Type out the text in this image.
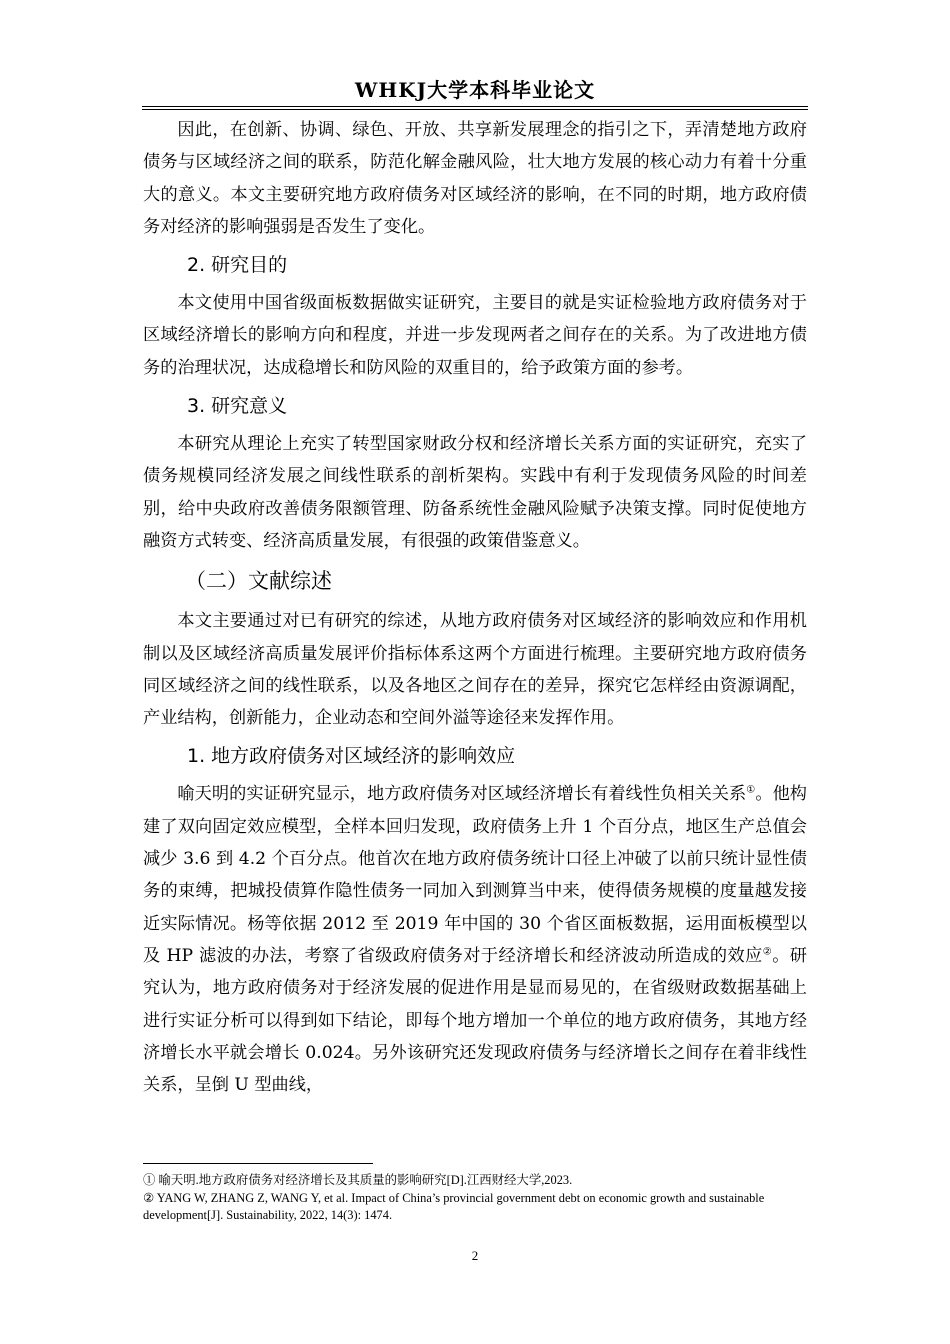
WHKJ大学本科毕业论文

因此，在创新、协调、绿色、开放、共享新发展理念的指引之下，弄清楚地方政府债务与区域经济之间的联系，防范化解金融风险，壮大地方发展的核心动力有着十分重大的意义。本文主要研究地方政府债务对区域经济的影响，在不同的时期，地方政府债务对经济的影响强弱是否发生了变化。

2. 研究目的

本文使用中国省级面板数据做实证研究，主要目的就是实证检验地方政府债务对于区域经济增长的影响方向和程度，并进一步发现两者之间存在的关系。为了改进地方债务的治理状况，达成稳增长和防风险的双重目的，给予政策方面的参考。

3. 研究意义

本研究从理论上充实了转型国家财政分权和经济增长关系方面的实证研究，充实了债务规模同经济发展之间线性联系的剖析架构。实践中有利于发现债务风险的时间差别，给中央政府改善债务限额管理、防备系统性金融风险赋予决策支撑。同时促使地方融资方式转变、经济高质量发展，有很强的政策借鉴意义。

（二）文献综述

本文主要通过对已有研究的综述，从地方政府债务对区域经济的影响效应和作用机制以及区域经济高质量发展评价指标体系这两个方面进行梳理。主要研究地方政府债务同区域经济之间的线性联系，以及各地区之间存在的差异，探究它怎样经由资源调配，产业结构，创新能力，企业动态和空间外溢等途径来发挥作用。

1. 地方政府债务对区域经济的影响效应

喻天明的实证研究显示，地方政府债务对区域经济增长有着线性负相关关系①。他构建了双向固定效应模型，全样本回归发现，政府债务上升 1 个百分点，地区生产总值会减少 3.6 到 4.2 个百分点。他首次在地方政府债务统计口径上冲破了以前只统计显性债务的束缚，把城投债算作隐性债务一同加入到测算当中来，使得债务规模的度量越发接近实际情况。杨等依据 2012 至 2019 年中国的 30 个省区面板数据，运用面板模型以及 HP 滤波的办法，考察了省级政府债务对于经济增长和经济波动所造成的效应②。研究认为，地方政府债务对于经济发展的促进作用是显而易见的，在省级财政数据基础上进行实证分析可以得到如下结论，即每个地方增加一个单位的地方政府债务，其地方经济增长水平就会增长 0.024。另外该研究还发现政府债务与经济增长之间存在着非线性关系，呈倒 U 型曲线，

① 喻天明.地方政府债务对经济增长及其质量的影响研究[D].江西财经大学,2023.
② YANG W, ZHANG Z, WANG Y, et al. Impact of China’s provincial government debt on economic growth and sustainable development[J]. Sustainability, 2022, 14(3): 1474.
2
